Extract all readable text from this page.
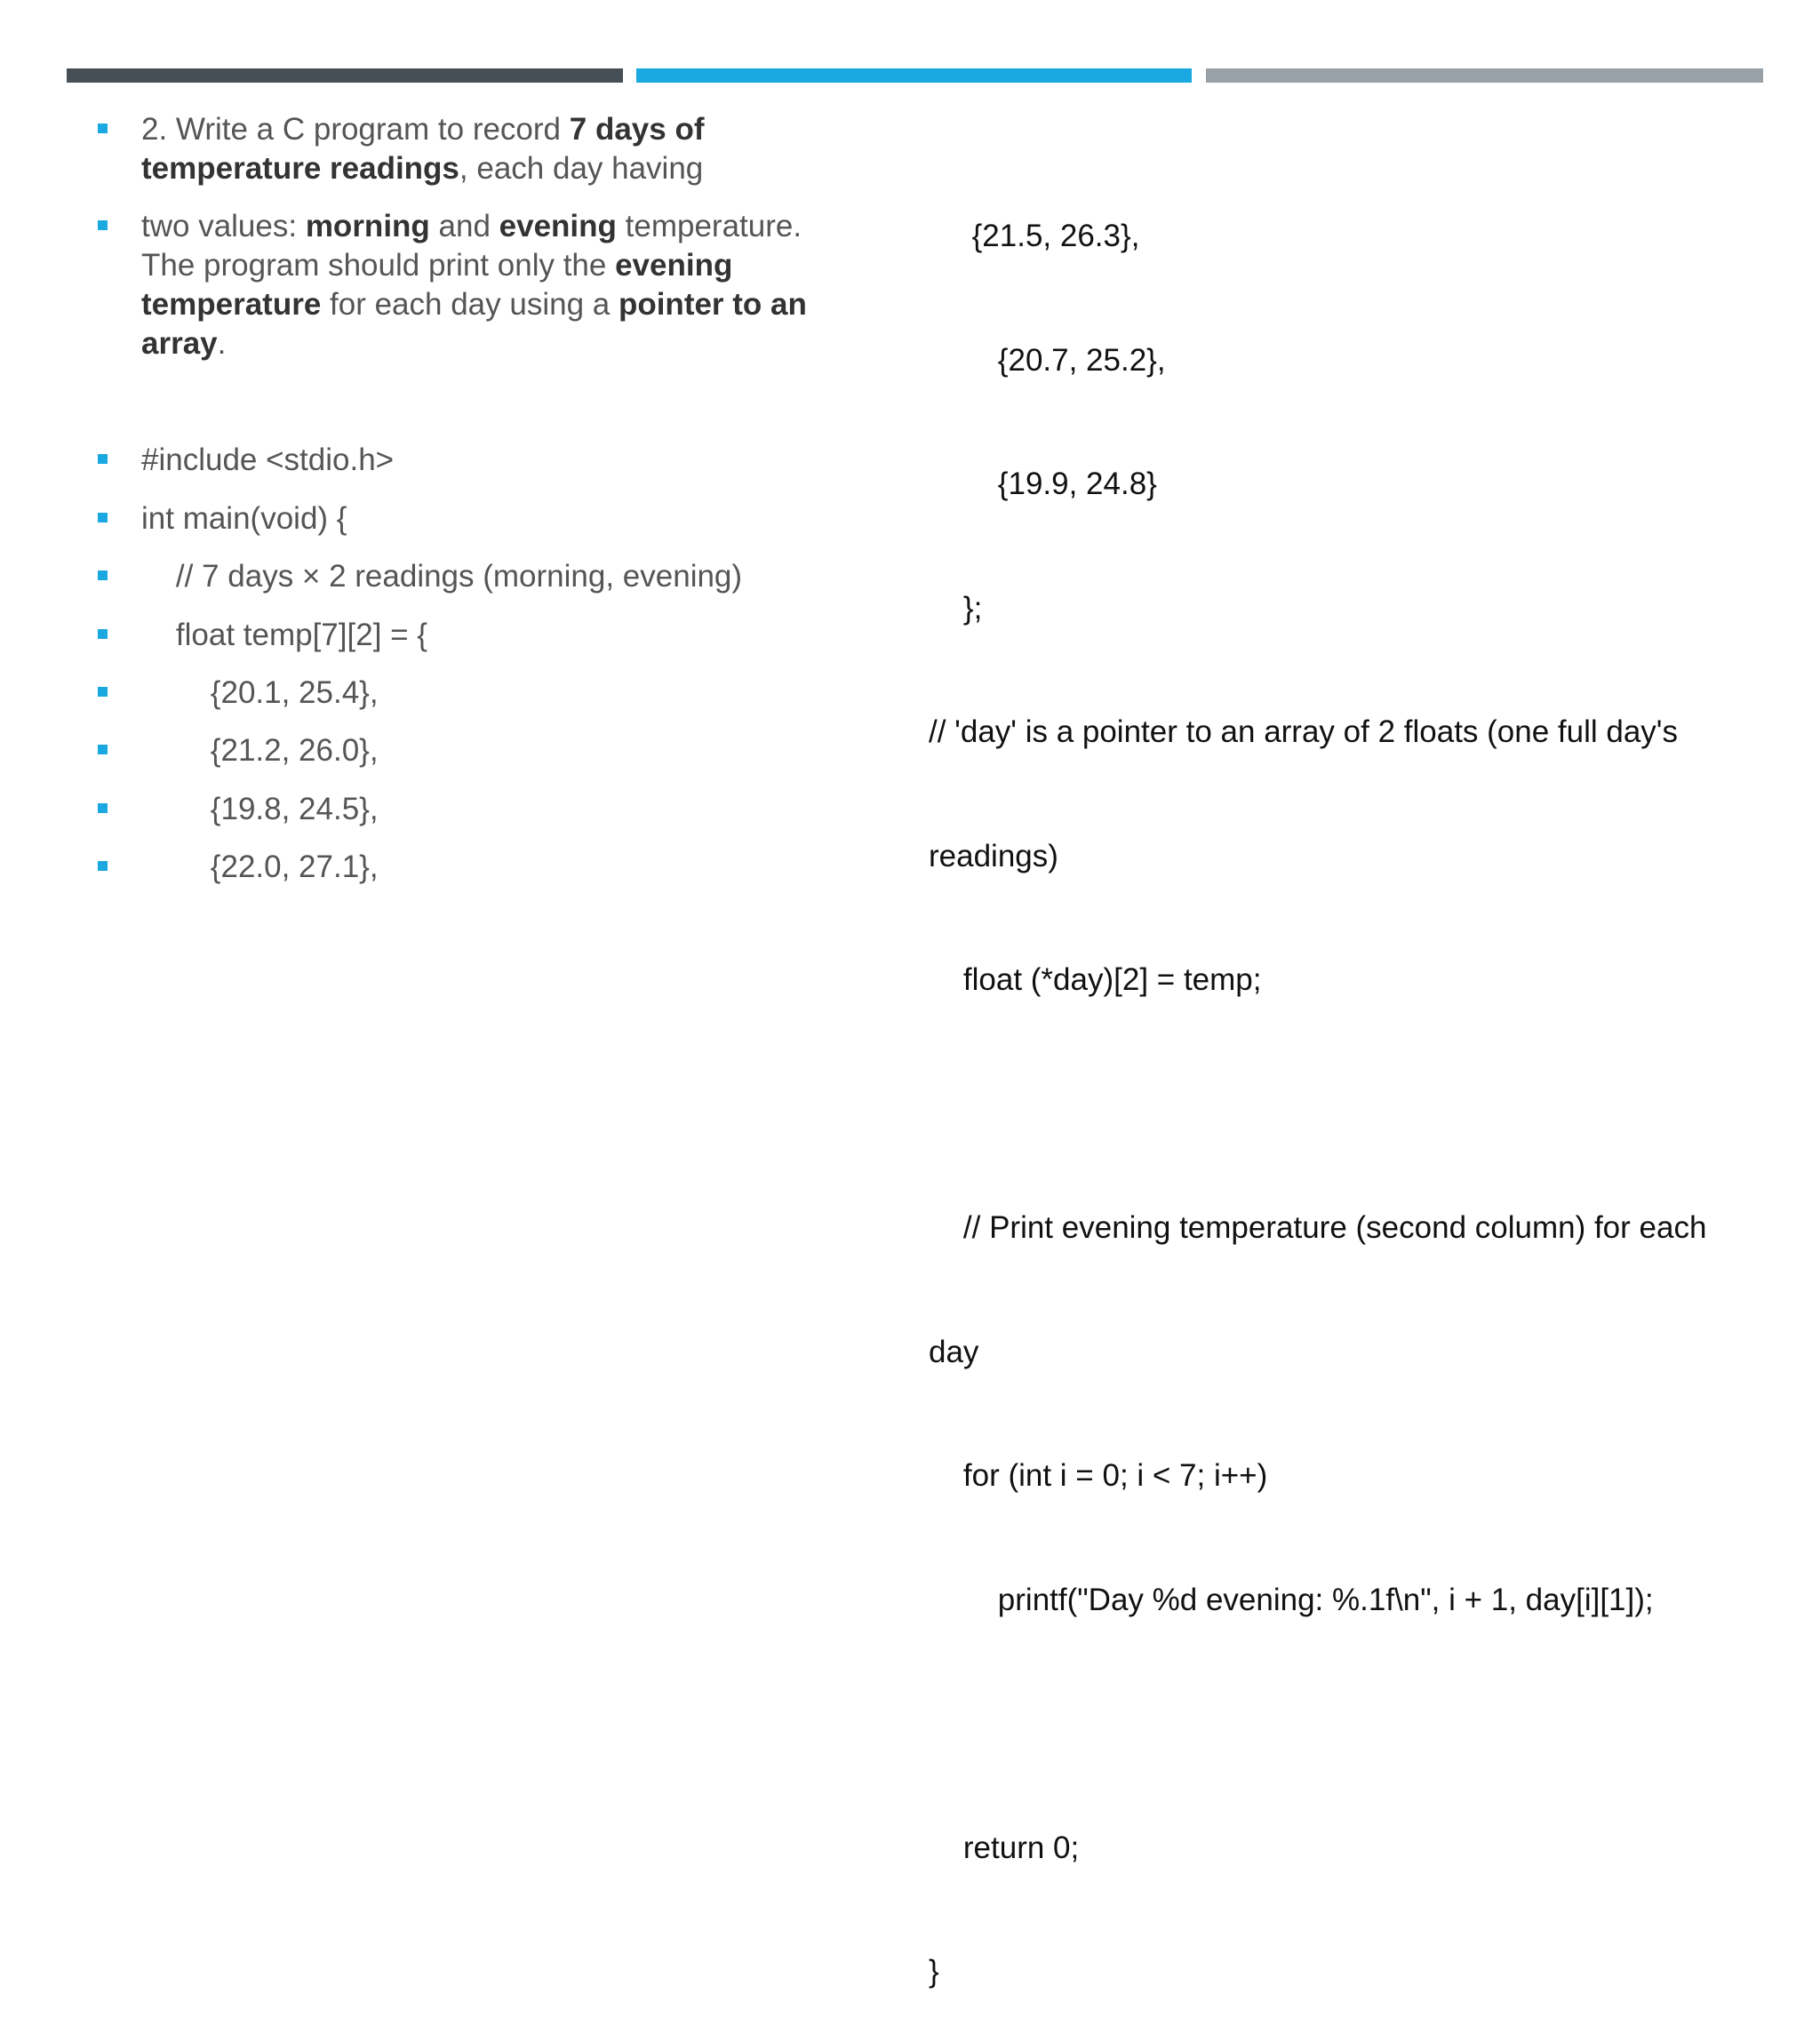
2. Write a C program to record 7 days of
temperature readings, each day having
two values: morning and evening temperature.
The program should print only the evening
temperature for each day using a pointer to an
array.
#include <stdio.h>
int main(void) {
// 7 days × 2 readings (morning, evening)
float temp[7][2] = {
{20.1, 25.4},
{21.2, 26.0},
{19.8, 24.5},
{22.0, 27.1},

{21.5, 26.3},

{20.7, 25.2},

{19.9, 24.8}

};

// 'day' is a pointer to an array of 2 floats (one full day's

readings)

float (*day)[2] = temp;

// Print evening temperature (second column) for each

day

for (int i = 0; i < 7; i++)

printf("Day %d evening: %.1f\n", i + 1, day[i][1]);

return 0;

}
